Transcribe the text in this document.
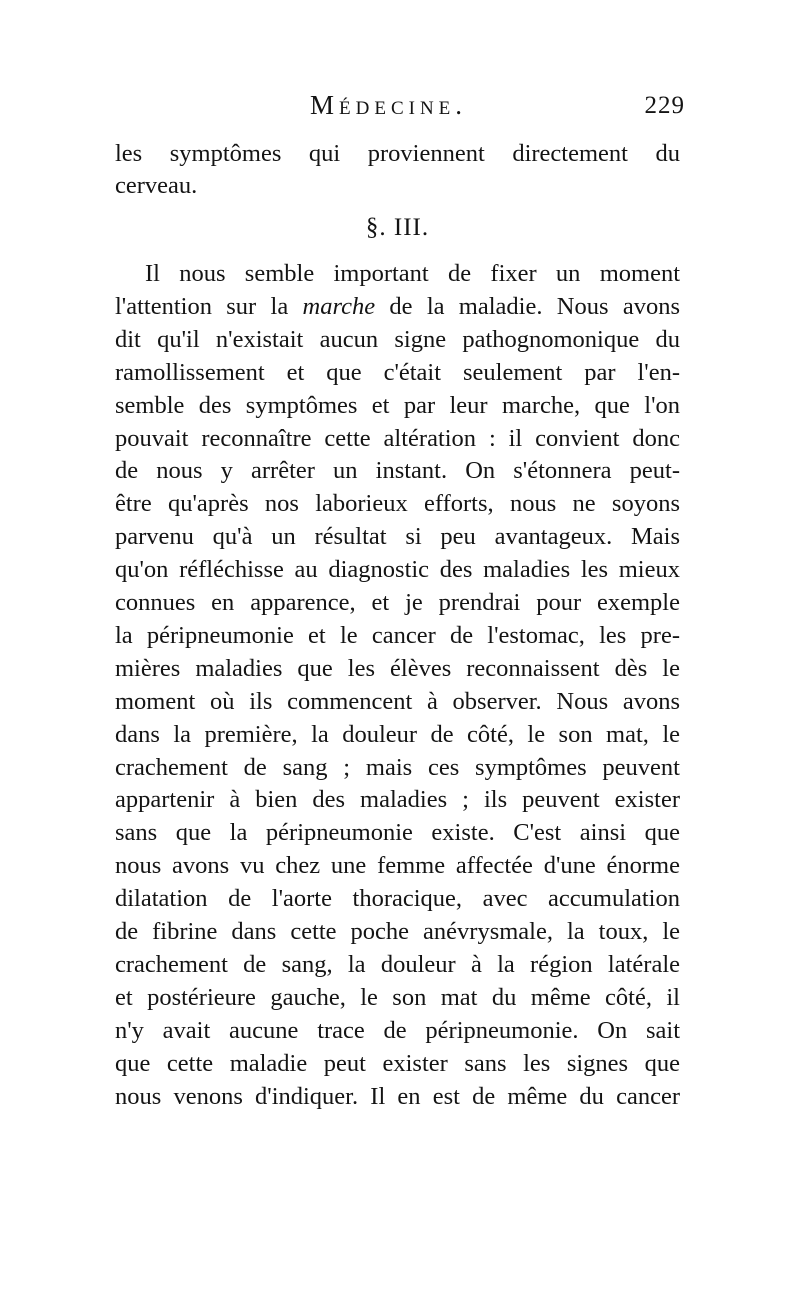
Médecine.	229
les symptômes qui proviennent directement du
cerveau.
§. III.
Il nous semble important de fixer un moment
l'attention sur la marche de la maladie. Nous avons
dit qu'il n'existait aucun signe pathognomonique du
ramollissement et que c'était seulement par l'en-
semble des symptômes et par leur marche, que l'on
pouvait reconnaître cette altération : il convient donc
de nous y arrêter un instant. On s'étonnera peut-
être qu'après nos laborieux efforts, nous ne soyons
parvenu qu'à un résultat si peu avantageux. Mais
qu'on réfléchisse au diagnostic des maladies les mieux
connues en apparence, et je prendrai pour exemple
la péripneumonie et le cancer de l'estomac, les pre-
mières maladies que les élèves reconnaissent dès le
moment où ils commencent à observer. Nous avons
dans la première, la douleur de côté, le son mat, le
crachement de sang ; mais ces symptômes peuvent
appartenir à bien des maladies ; ils peuvent exister
sans que la péripneumonie existe. C'est ainsi que
nous avons vu chez une femme affectée d'une énorme
dilatation de l'aorte thoracique, avec accumulation
de fibrine dans cette poche anévrysmale, la toux, le
crachement de sang, la douleur à la région latérale
et postérieure gauche, le son mat du même côté, il
n'y avait aucune trace de péripneumonie. On sait
que cette maladie peut exister sans les signes que
nous venons d'indiquer. Il en est de même du cancer
